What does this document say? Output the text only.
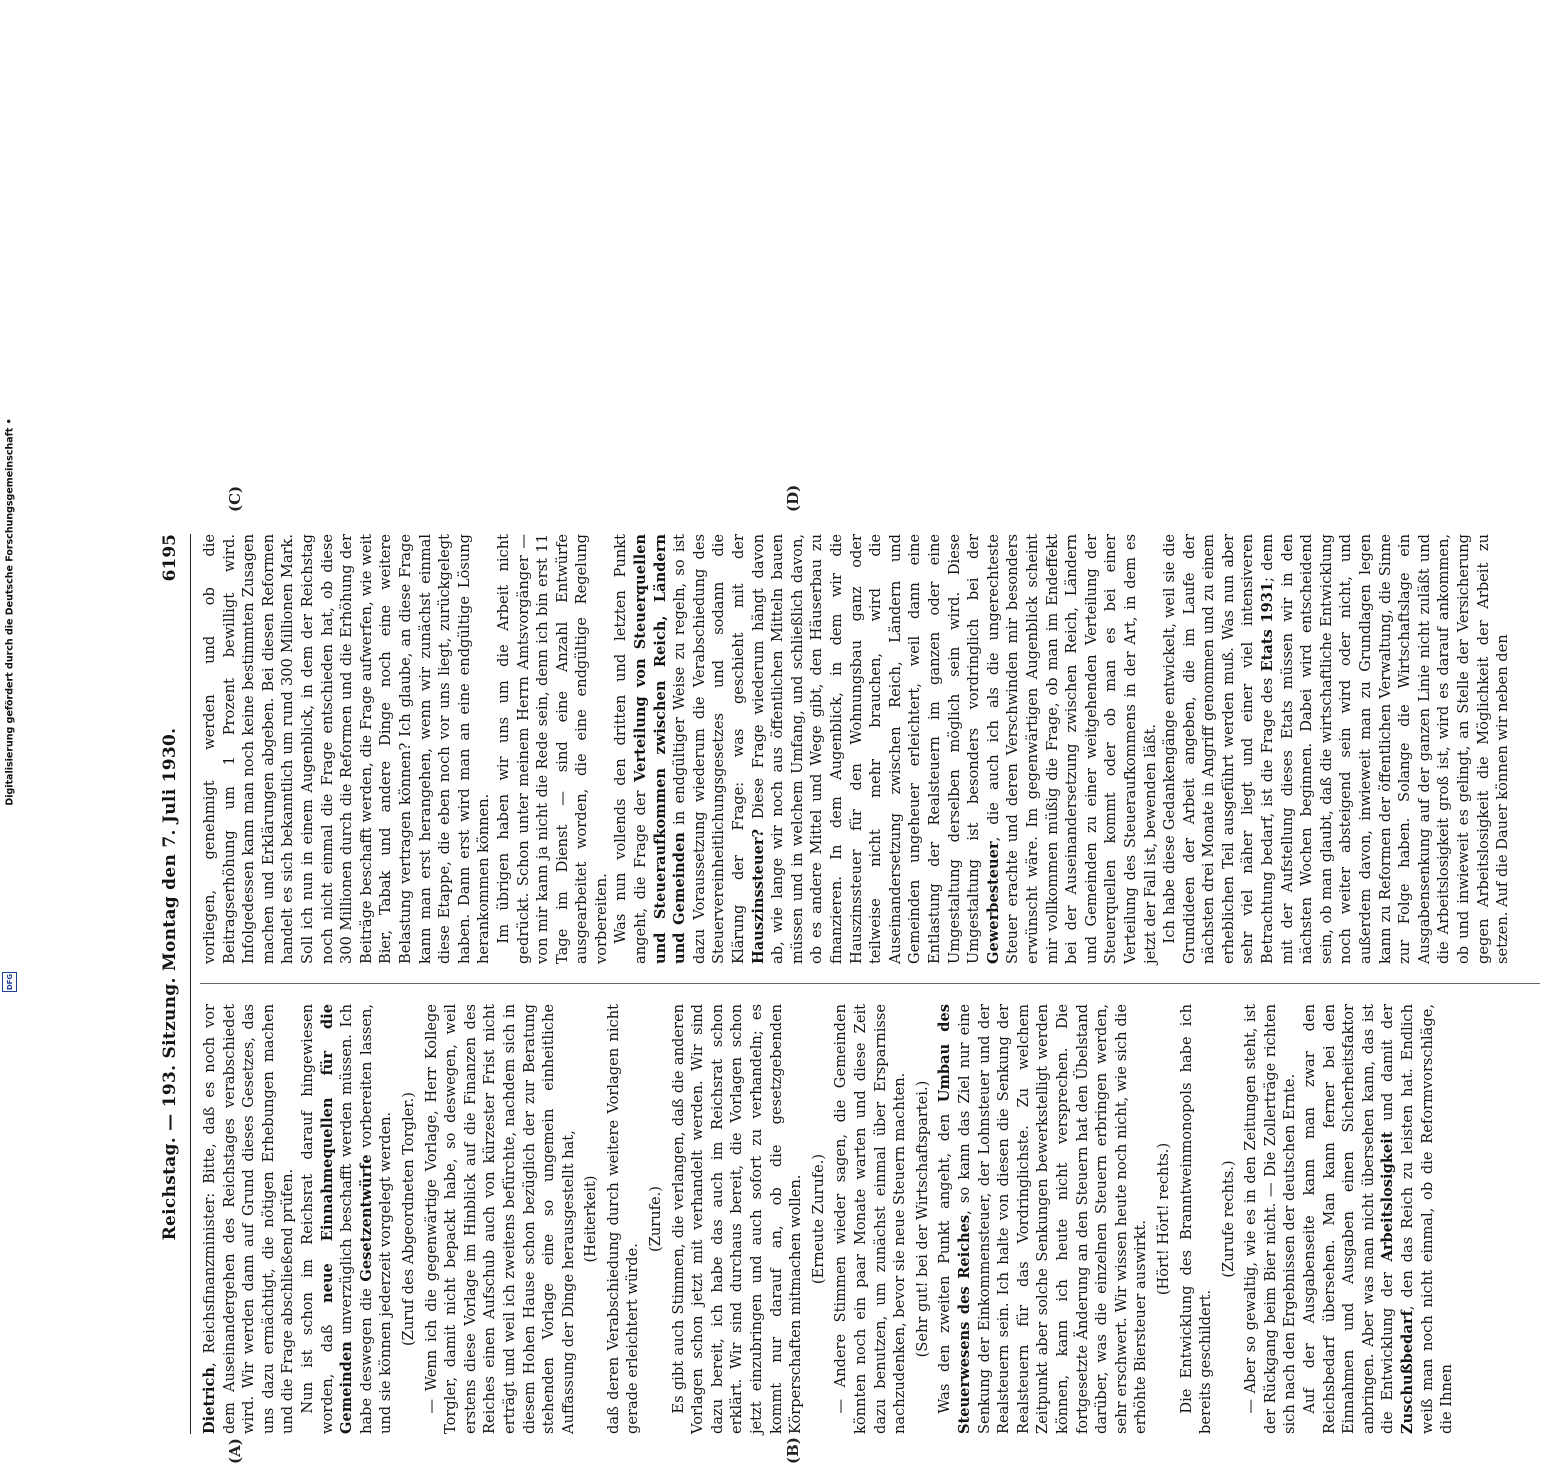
Digitalisierung gefördert durch die Deutsche Forschungsgemeinschaft •
DFG	Reichstag. — 193. Sitzung. Montag den 7. Juli 1930.
6195
(A)	(B)
(C)	(D)

Dietrich, Reichsfinanzminister: Bitte, daß es noch vor dem Auseinandergehen des Reichstages verabschiedet wird. Wir werden dann auf Grund dieses Gesetzes, das uns dazu ermächtigt, die nötigen Erhebungen machen und die Frage abschließend prüfen. Nun ist schon im Reichsrat darauf hingewiesen worden, daß neue Einnahmequellen für die Gemeinden unverzüglich beschafft werden müssen. Ich habe deswegen die Gesetzentwürfe vorbereiten lassen, und sie können jederzeit vorgelegt werden. (Zuruf des Abgeordneten Torgler.) — Wenn ich die gegenwärtige Vorlage, Herr Kollege Torgler, damit nicht bepackt habe, so deswegen, weil erstens diese Vorlage im Hinblick auf die Finanzen des Reiches einen Aufschub auch von kürzester Frist nicht erträgt und weil ich zweitens befürchte, nachdem sich in diesem Hohen Hause schon bezüglich der zur Beratung stehenden Vorlage eine so ungemein einheitliche Auffassung der Dinge herausgestellt hat, (Heiterkeit) daß deren Verabschiedung durch weitere Vorlagen nicht gerade erleichtert würde.

(Zurufe.) Es gibt auch Stimmen, die verlangen, daß die anderen Vorlagen schon jetzt mit verhandelt werden. Wir sind dazu bereit, ich habe das auch im Reichsrat schon erklärt. Wir sind durchaus bereit, die Vorlagen schon jetzt einzubringen und auch sofort zu verhandeln; es kommt nur darauf an, ob die gesetzgebenden Körperschaften mitmachen wollen. (Erneute Zurufe.) — Andere Stimmen wieder sagen, die Gemeinden könnten noch ein paar Monate warten und diese Zeit dazu benutzen, um zunächst einmal über Ersparnisse nachzudenken, bevor sie neue Steuern machten. (Sehr gut! bei der Wirtschaftspartei.) Was den zweiten Punkt angeht, den Umbau des Steuerwesens des Reiches, so kann das Ziel nur eine Senkung der Einkommensteuer, der Lohnsteuer und der Realsteuern sein. Ich halte von diesen die Senkung der Realsteuern für das Vordringlichste. Zu welchem Zeitpunkt aber solche Senkungen bewerkstelligt werden können, kann ich heute nicht versprechen. Die fortgesetzte Änderung an den Steuern hat den Übelstand darüber, was die einzelnen Steuern erbringen werden, sehr erschwert. Wir wissen heute noch nicht, wie sich die erhöhte Biersteuer auswirkt.

(Hört! Hört! rechts.) Die Entwicklung des Branntweinmonopols habe ich bereits geschildert.

(Zurufe rechts.) — Aber so gewaltig, wie es in den Zeitungen steht, ist der Rückgang beim Bier nicht. — Die Zollerträge richten sich nach den Ergebnissen der deutschen Ernte. Auf der Ausgabenseite kann man zwar den Reichsbedarf übersehen. Man kann ferner bei den Einnahmen und Ausgaben einen Sicherheitsfaktor anbringen. Aber was man nicht übersehen kann, das ist die Entwicklung der Arbeitslosigkeit und damit der Zuschußbedarf, den das Reich zu leisten hat. Endlich weiß man noch nicht einmal, ob die Reformvorschläge, die Ihnen

vorliegen, genehmigt werden und ob die Beitragserhöhung um 1 Prozent bewilligt wird. Infolgedessen kann man noch keine bestimmten Zusagen machen und Erklärungen abgeben. Bei diesen Reformen handelt es sich bekanntlich um rund 300 Millionen Mark. Soll ich nun in einem Augenblick, in dem der Reichstag noch nicht einmal die Frage entschieden hat, ob diese 300 Millionen durch die Reformen und die Erhöhung der Beiträge beschafft werden, die Frage aufwerfen, wie weit Bier, Tabak und andere Dinge noch eine weitere Belastung vertragen können? Ich glaube, an diese Frage kann man erst herangehen, wenn wir zunächst einmal diese Etappe, die eben noch vor uns liegt, zurückgelegt haben. Dann erst wird man an eine endgültige Lösung herankommen können. Im übrigen haben wir uns um die Arbeit nicht gedrückt. Schon unter meinem Herrn Amtsvorgänger — von mir kann ja nicht die Rede sein, denn ich bin erst 11 Tage im Dienst — sind eine Anzahl Entwürfe ausgearbeitet worden, die eine endgültige Regelung vorbereiten. Was nun vollends den dritten und letzten Punkt angeht, die Frage der Verteilung von Steuerquellen und Steueraufkommen zwischen Reich, Ländern und Gemeinden in endgültiger Weise zu regeln, so ist dazu Voraussetzung wiederum die Verabschiedung des Steuervereinheitlichungsgesetzes und sodann die Klärung der Frage: was geschieht mit der Hauszinssteuer? Diese Frage wiederum hängt davon ab, wie lange wir noch aus öffentlichen Mitteln bauen müssen und in welchem Umfang, und schließlich davon, ob es andere Mittel und Wege gibt, den Häuserbau zu finanzieren. In dem Augenblick, in dem wir die Hauszinssteuer für den Wohnungsbau ganz oder teilweise nicht mehr brauchen, wird die Auseinandersetzung zwischen Reich, Ländern und Gemeinden ungeheuer erleichtert, weil dann eine Entlastung der Realsteuern im ganzen oder eine Umgestaltung derselben möglich sein wird. Diese Umgestaltung ist besonders vordringlich bei der Gewerbesteuer, die auch ich als die ungerechteste Steuer erachte und deren Verschwinden mir besonders erwünscht wäre. Im gegenwärtigen Augenblick scheint mir vollkommen müßig die Frage, ob man im Endeffekt bei der Auseinandersetzung zwischen Reich, Ländern und Gemeinden zu einer weitgehenden Verteilung der Steuerquellen kommt oder ob man es bei einer Verteilung des Steueraufkommens in der Art, in dem es jetzt der Fall ist, bewenden läßt. Ich habe diese Gedankengänge entwickelt, weil sie die Grundideen der Arbeit angeben, die im Laufe der nächsten drei Monate in Angriff genommen und zu einem erheblichen Teil ausgeführt werden muß. Was nun aber sehr viel näher liegt und einer viel intensiveren Betrachtung bedarf, ist die Frage des Etats 1931; denn mit der Aufstellung dieses Etats müssen wir in den nächsten Wochen beginnen. Dabei wird entscheidend sein, ob man glaubt, daß die wirtschaftliche Entwicklung noch weiter absteigend sein wird oder nicht, und außerdem davon, inwieweit man zu Grundlagen legen kann zu Reformen der öffentlichen Verwaltung, die Sinne zur Folge haben. Solange die Wirtschaftslage ein Ausgabensenkung auf der ganzen Linie nicht zuläßt und die Arbeitslosigkeit groß ist, wird es darauf ankommen, ob und inwieweit es gelingt, an Stelle der Versicherung gegen Arbeitslosigkeit die Möglichkeit der Arbeit zu setzen. Auf die Dauer können wir neben den
